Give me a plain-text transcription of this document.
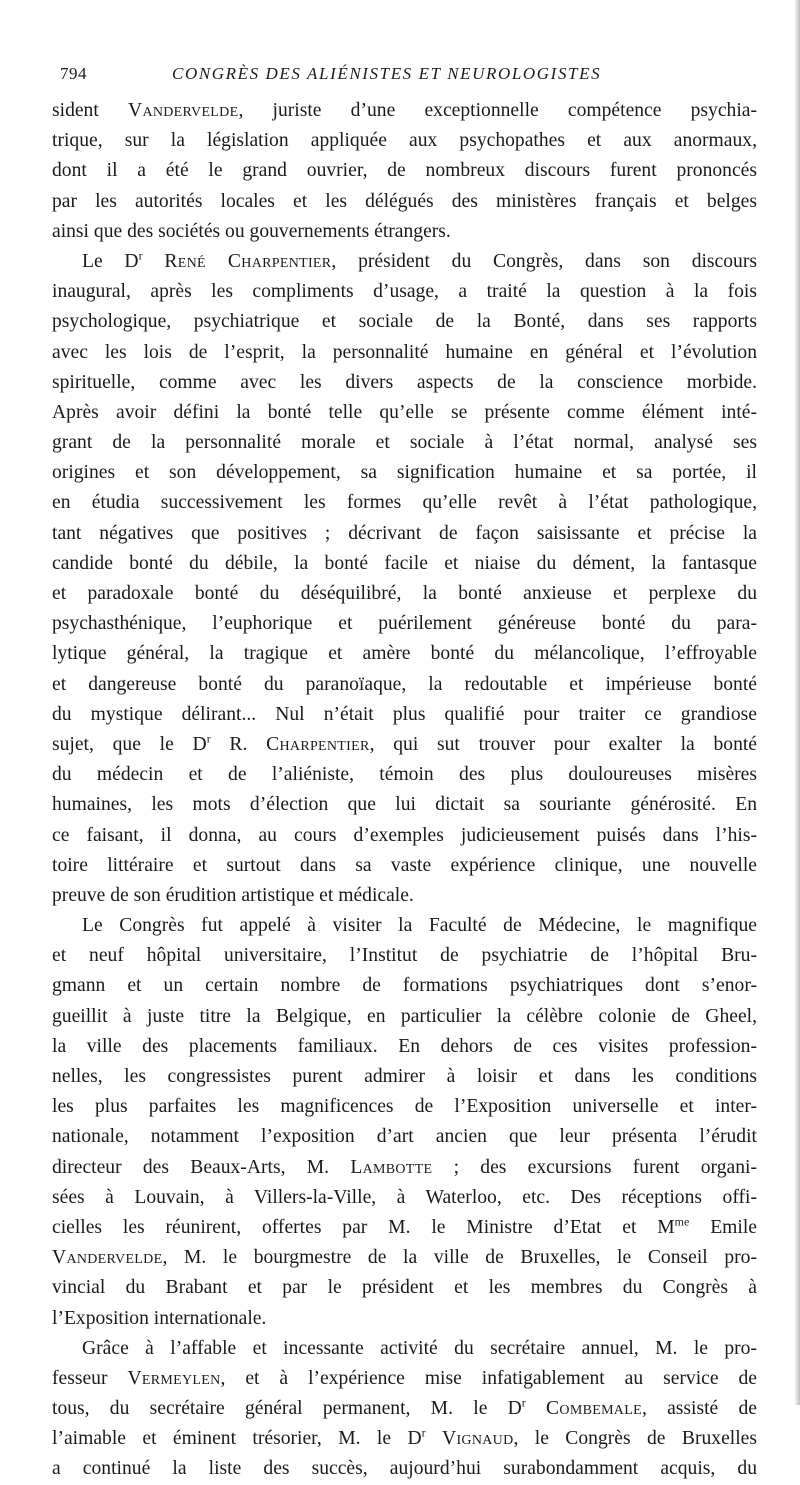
794	CONGRÈS DES ALIÉNISTES ET NEUROLOGISTES
sident Vandervelde, juriste d’une exceptionnelle compétence psychia-
trique, sur la législation appliquée aux psychopathes et aux anormaux,
dont il a été le grand ouvrier, de nombreux discours furent prononcés
par les autorités locales et les délégués des ministères français et belges
ainsi que des sociétés ou gouvernements étrangers.
Le $D^r$ René Charpentier, président du Congrès, dans son discours
inaugural, après les compliments d’usage, a traité la question à la fois
psychologique, psychiatrique et sociale de la Bonté, dans ses rapports
avec les lois de l’esprit, la personnalité humaine en général et l’évolution
spirituelle, comme avec les divers aspects de la conscience morbide.
Après avoir défini la bonté telle qu’elle se présente comme élément inté-
grant de la personnalité morale et sociale à l’état normal, analysé ses
origines et son développement, sa signification humaine et sa portée, il
en étudia successivement les formes qu’elle revêt à l’état pathologique,
tant négatives que positives ; décrivant de façon saisissante et précise la
candide bonté du débile, la bonté facile et niaise du dément, la fantasque
et paradoxale bonté du déséquilibré, la bonté anxieuse et perplexe du
psychasthénique, l’euphorique et puérilement généreuse bonté du para-
lytique général, la tragique et amère bonté du mélancolique, l’effroyable
et dangereuse bonté du paranoïaque, la redoutable et impérieuse bonté
du mystique délirant... Nul n’était plus qualifié pour traiter ce grandiose
sujet, que le $D^r$ R. Charpentier, qui sut trouver pour exalter la bonté
du médecin et de l’aliéniste, témoin des plus douloureuses misères
humaines, les mots d’élection que lui dictait sa souriante générosité. En
ce faisant, il donna, au cours d’exemples judicieusement puisés dans l’his-
toire littéraire et surtout dans sa vaste expérience clinique, une nouvelle
preuve de son érudition artistique et médicale.
Le Congrès fut appelé à visiter la Faculté de Médecine, le magnifique
et neuf hôpital universitaire, l’Institut de psychiatrie de l’hôpital Bru-
gmann et un certain nombre de formations psychiatriques dont s’enor-
gueillit à juste titre la Belgique, en particulier la célèbre colonie de Gheel,
la ville des placements familiaux. En dehors de ces visites profession-
nelles, les congressistes purent admirer à loisir et dans les conditions
les plus parfaites les magnificences de l’Exposition universelle et inter-
nationale, notamment l’exposition d’art ancien que leur présenta l’érudit
directeur des Beaux-Arts, M. Lambotte ; des excursions furent organi-
sées à Louvain, à Villers-la-Ville, à Waterloo, etc. Des réceptions offi-
cielles les réunirent, offertes par M. le Ministre d’Etat et $M^{me}$ Emile
Vandervelde, M. le bourgmestre de la ville de Bruxelles, le Conseil pro-
vincial du Brabant et par le président et les membres du Congrès à
l’Exposition internationale.
Grâce à l’affable et incessante activité du secrétaire annuel, M. le pro-
fesseur Vermeylen, et à l’expérience mise infatigablement au service de
tous, du secrétaire général permanent, M. le $D^r$ Combemale, assisté de
l’aimable et éminent trésorier, M. le $D^r$ Vignaud, le Congrès de Bruxelles
a continué la liste des succès, aujourd’hui surabondamment acquis, du
